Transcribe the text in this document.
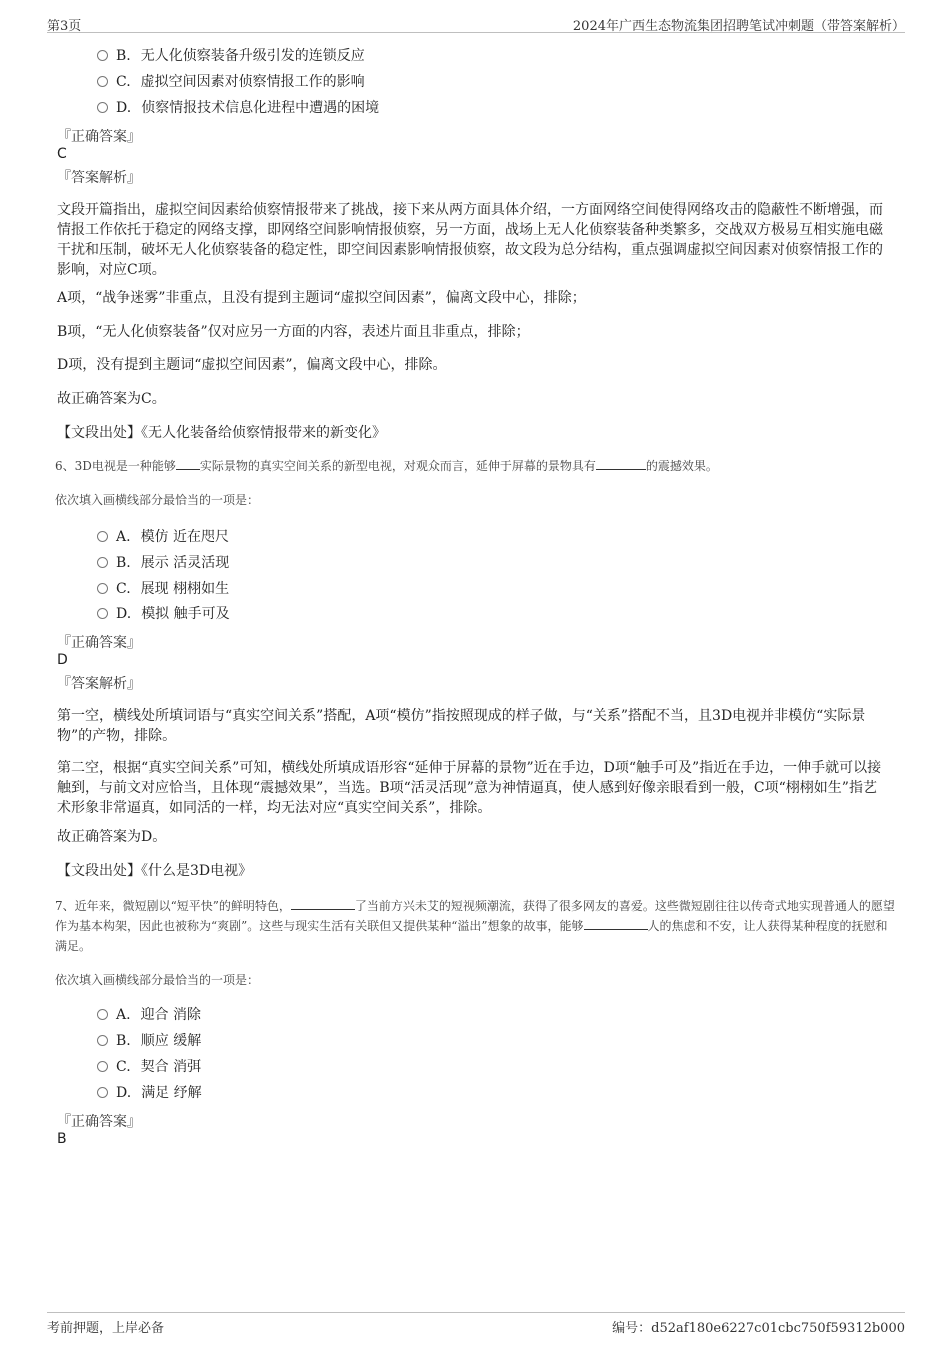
第3页	2024年广西生态物流集团招聘笔试冲刺题（带答案解析）
B. 无人化侦察装备升级引发的连锁反应
C. 虚拟空间因素对侦察情报工作的影响
D. 侦察情报技术信息化进程中遭遇的困境
『正确答案』
C
『答案解析』
文段开篇指出，虚拟空间因素给侦察情报带来了挑战，接下来从两方面具体介绍，一方面网络空间使得网络攻击的隐蔽性不断增强，而情报工作依托于稳定的网络支撑，即网络空间影响情报侦察，另一方面，战场上无人化侦察装备种类繁多，交战双方极易互相实施电磁干扰和压制，破坏无人化侦察装备的稳定性，即空间因素影响情报侦察，故文段为总分结构，重点强调虚拟空间因素对侦察情报工作的影响，对应C项。
A项，“战争迷雾”非重点，且没有提到主题词“虚拟空间因素”，偏离文段中心，排除；
B项，“无人化侦察装备”仅对应另一方面的内容，表述片面且非重点，排除；
D项，没有提到主题词“虚拟空间因素”，偏离文段中心，排除。
故正确答案为C。
【文段出处】《无人化装备给侦察情报带来的新变化》
6、3D电视是一种能够 实际景物的真实空间关系的新型电视，对观众而言，延伸于屏幕的景物具有	的震撼效果。
依次填入画横线部分最恰当的一项是：
A. 模仿 近在咫尺
B. 展示 活灵活现
C. 展现 栩栩如生
D. 模拟 触手可及
『正确答案』
D
『答案解析』
第一空，横线处所填词语与“真实空间关系”搭配，A项“模仿”指按照现成的样子做，与“关系”搭配不当，且3D电视并非模仿“实际景物”的产物，排除。
第二空，根据“真实空间关系”可知，横线处所填成语形容“延伸于屏幕的景物”近在手边，D项“触手可及”指近在手边，一伸手就可以接触到，与前文对应恰当，且体现“震撼效果”，当选。B项“活灵活现”意为神情逼真，使人感到好像亲眼看到一般，C项“栩栩如生”指艺术形象非常逼真，如同活的一样，均无法对应“真实空间关系”，排除。
故正确答案为D。
【文段出处】《什么是3D电视》
7、近年来，微短剧以“短平快”的鲜明特色，	了当前方兴未艾的短视频潮流，获得了很多网友的喜爱。这些微短剧往往以传奇式地实现普通人的愿望作为基本构架，因此也被称为“爽剧”。这些与现实生活有关联但又提供某种“溢出”想象的故事，能够	人的焦虑和不安，让人获得某种程度的抚慰和满足。
依次填入画横线部分最恰当的一项是：
A. 迎合 消除
B. 顺应 缓解
C. 契合 消弭
D. 满足 纾解
『正确答案』
B
考前押题，上岸必备	编号：d52af180e6227c01cbc750f59312b000
